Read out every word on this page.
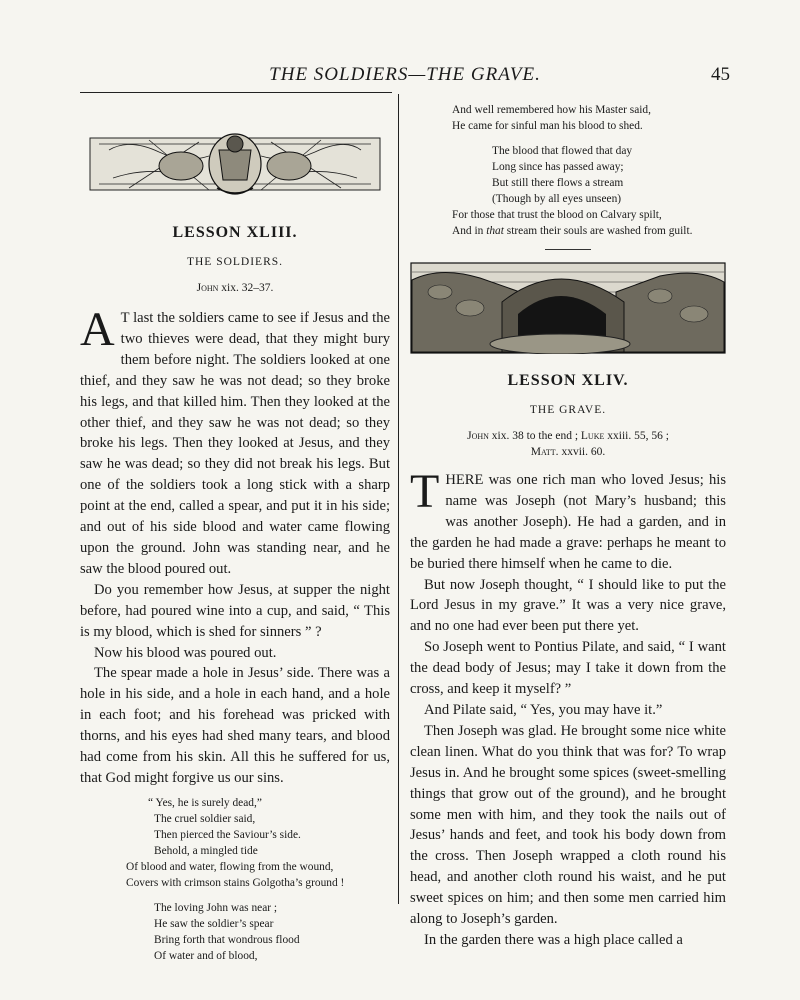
THE SOLDIERS—THE GRAVE.	45
LESSON XLIII.
THE SOLDIERS.
John xix. 32–37.

A T last the soldiers came to see if Jesus and the two thieves were dead, that they might bury them before night. The soldiers looked at one thief, and they saw he was not dead; so they broke his legs, and that killed him. Then they looked at the other thief, and they saw he was not dead; so they broke his legs. Then they looked at Jesus, and they saw he was dead; so they did not break his legs. But one of the soldiers took a long stick with a sharp point at the end, called a spear, and put it in his side; and out of his side blood and water came flowing upon the ground. John was standing near, and he saw the blood poured out.

Do you remember how Jesus, at supper the night before, had poured wine into a cup, and said, “ This is my blood, which is shed for sinners ” ?

Now his blood was poured out.

The spear made a hole in Jesus’ side. There was a hole in his side, and a hole in each hand, and a hole in each foot; and his forehead was pricked with thorns, and his eyes had shed many tears, and blood had come from his skin. All this he suffered for us, that God might forgive us our sins.

“ Yes, he is surely dead,”
The cruel soldier said,
Then pierced the Saviour’s side.
Behold, a mingled tide
Of blood and water, flowing from the wound,
Covers with crimson stains Golgotha’s ground !
The loving John was near ;
He saw the soldier’s spear
Bring forth that wondrous flood
Of water and of blood,
And well remembered how his Master said,
He came for sinful man his blood to shed.
The blood that flowed that day
Long since has passed away;
But still there flows a stream
(Though by all eyes unseen)
For those that trust the blood on Calvary spilt,
And in that stream their souls are washed from guilt.
LESSON XLIV.
THE GRAVE.
John xix. 38 to the end ; Luke xxiii. 55, 56 ;
Matt. xxvii. 60.

THERE was one rich man who loved Jesus; his name was Joseph (not Mary’s husband; this was another Joseph). He had a garden, and in the garden he had made a grave: perhaps he meant to be buried there himself when he came to die.

But now Joseph thought, “ I should like to put the Lord Jesus in my grave.” It was a very nice grave, and no one had ever been put there yet.

So Joseph went to Pontius Pilate, and said, “ I want the dead body of Jesus; may I take it down from the cross, and keep it myself? ”

And Pilate said, “ Yes, you may have it.”

Then Joseph was glad. He brought some nice white clean linen. What do you think that was for? To wrap Jesus in. And he brought some spices (sweet-smelling things that grow out of the ground), and he brought some men with him, and they took the nails out of Jesus’ hands and feet, and took his body down from the cross. Then Joseph wrapped a cloth round his head, and another cloth round his waist, and he put sweet spices on him; and then some men carried him along to Joseph’s garden.

In the garden there was a high place called a
